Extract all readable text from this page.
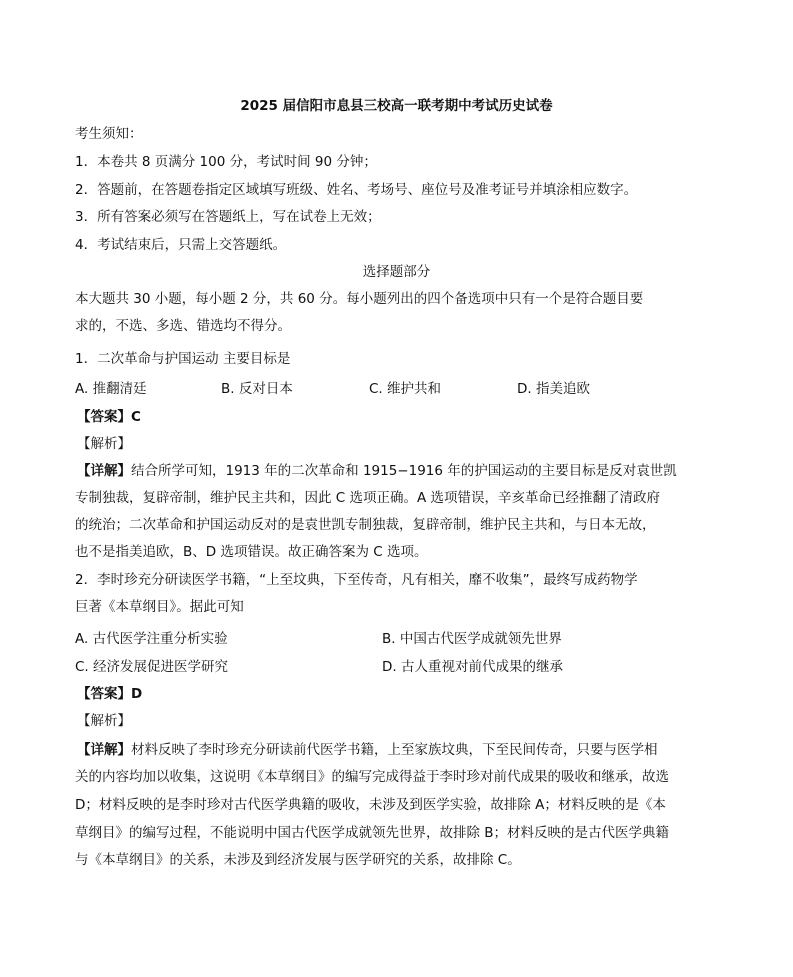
2025 届信阳市息县三校高一联考期中考试历史试卷
考生须知：
1．本卷共 8 页满分 100 分，考试时间 90 分钟；
2．答题前，在答题卷指定区域填写班级、姓名、考场号、座位号及准考证号并填涂相应数字。
3．所有答案必须写在答题纸上，写在试卷上无效；
4．考试结束后，只需上交答题纸。
选择题部分
本大题共 30 小题，每小题 2 分，共 60 分。每小题列出的四个备选项中只有一个是符合题目要
求的，不选、多选、错选均不得分。
1．二次革命与护国运动 主要目标是
A. 推翻清廷	B. 反对日本	C. 维护共和	D. 指美追欧
【答案】C
【解析】
【详解】结合所学可知，1913 年的二次革命和 1915−1916 年的护国运动的主要目标是反对袁世凯
专制独裁，复辟帝制，维护民主共和，因此 C 选项正确。A 选项错误，辛亥革命已经推翻了清政府
的统治；二次革命和护国运动反对的是袁世凯专制独裁，复辟帝制，维护民主共和，与日本无故，
也不是指美追欧，B、D 选项错误。故正确答案为 C 选项。
2．李时珍充分研读医学书籍，“上至坟典，下至传奇，凡有相关，靡不收集”，最终写成药物学
巨著《本草纲目》。据此可知
A. 古代医学注重分析实验	B. 中国古代医学成就领先世界
C. 经济发展促进医学研究	D. 古人重视对前代成果的继承
【答案】D
【解析】
【详解】材料反映了李时珍充分研读前代医学书籍，上至家族坟典，下至民间传奇，只要与医学相
关的内容均加以收集，这说明《本草纲目》的编写完成得益于李时珍对前代成果的吸收和继承，故选
D；材料反映的是李时珍对古代医学典籍的吸收，未涉及到医学实验，故排除 A；材料反映的是《本
草纲目》的编写过程，不能说明中国古代医学成就领先世界，故排除 B；材料反映的是古代医学典籍
与《本草纲目》的关系，未涉及到经济发展与医学研究的关系，故排除 C。
